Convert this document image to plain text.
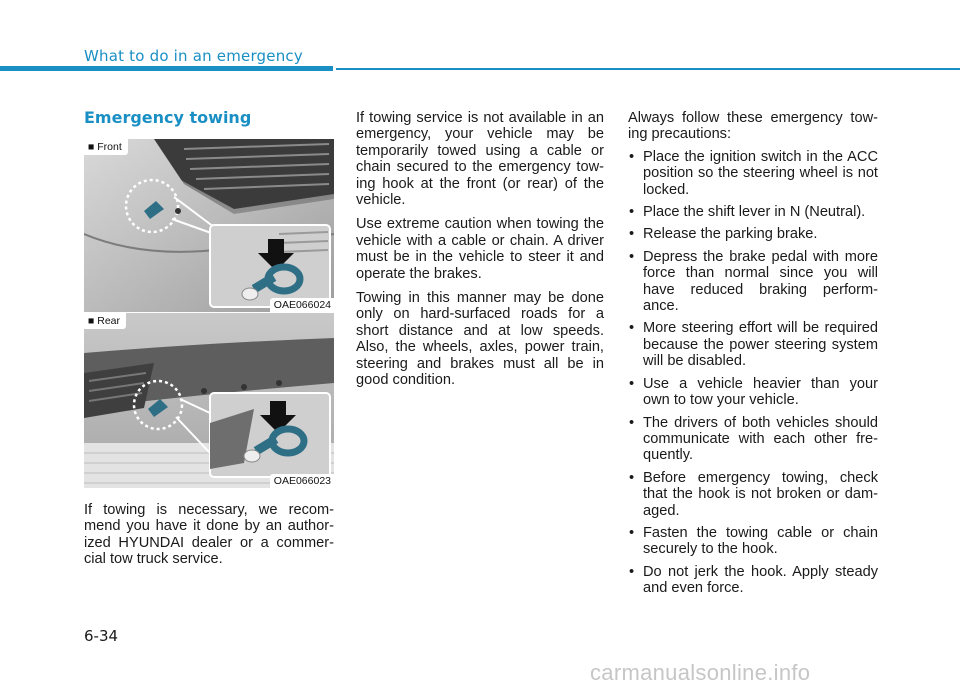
What to do in an emergency
Emergency towing
■ Front
OAE066024
■ Rear
OAE066023

If towing is necessary, we recom-mend you have it done by an author-ized HYUNDAI dealer or a commer-cial tow truck service.

If towing service is not available in an emergency, your vehicle may be temporarily towed using a cable or chain secured to the emergency tow-ing hook at the front (or rear) of the vehicle.

Use extreme caution when towing the vehicle with a cable or chain. A driver must be in the vehicle to steer it and operate the brakes.

Towing in this manner may be done only on hard-surfaced roads for a short distance and at low speeds. Also, the wheels, axles, power train, steering and brakes must all be in good condition.

Always follow these emergency tow-ing precautions:

• Place the ignition switch in the ACC position so the steering wheel is not locked.
• Place the shift lever in N (Neutral).
• Release the parking brake.
• Depress the brake pedal with more force than normal since you will have reduced braking perform-ance.
• More steering effort will be required because the power steering system will be disabled.
• Use a vehicle heavier than your own to tow your vehicle.
• The drivers of both vehicles should communicate with each other fre-quently.
• Before emergency towing, check that the hook is not broken or dam-aged.
• Fasten the towing cable or chain securely to the hook.
• Do not jerk the hook. Apply steady and even force.
6-34
carmanualsonline.info
